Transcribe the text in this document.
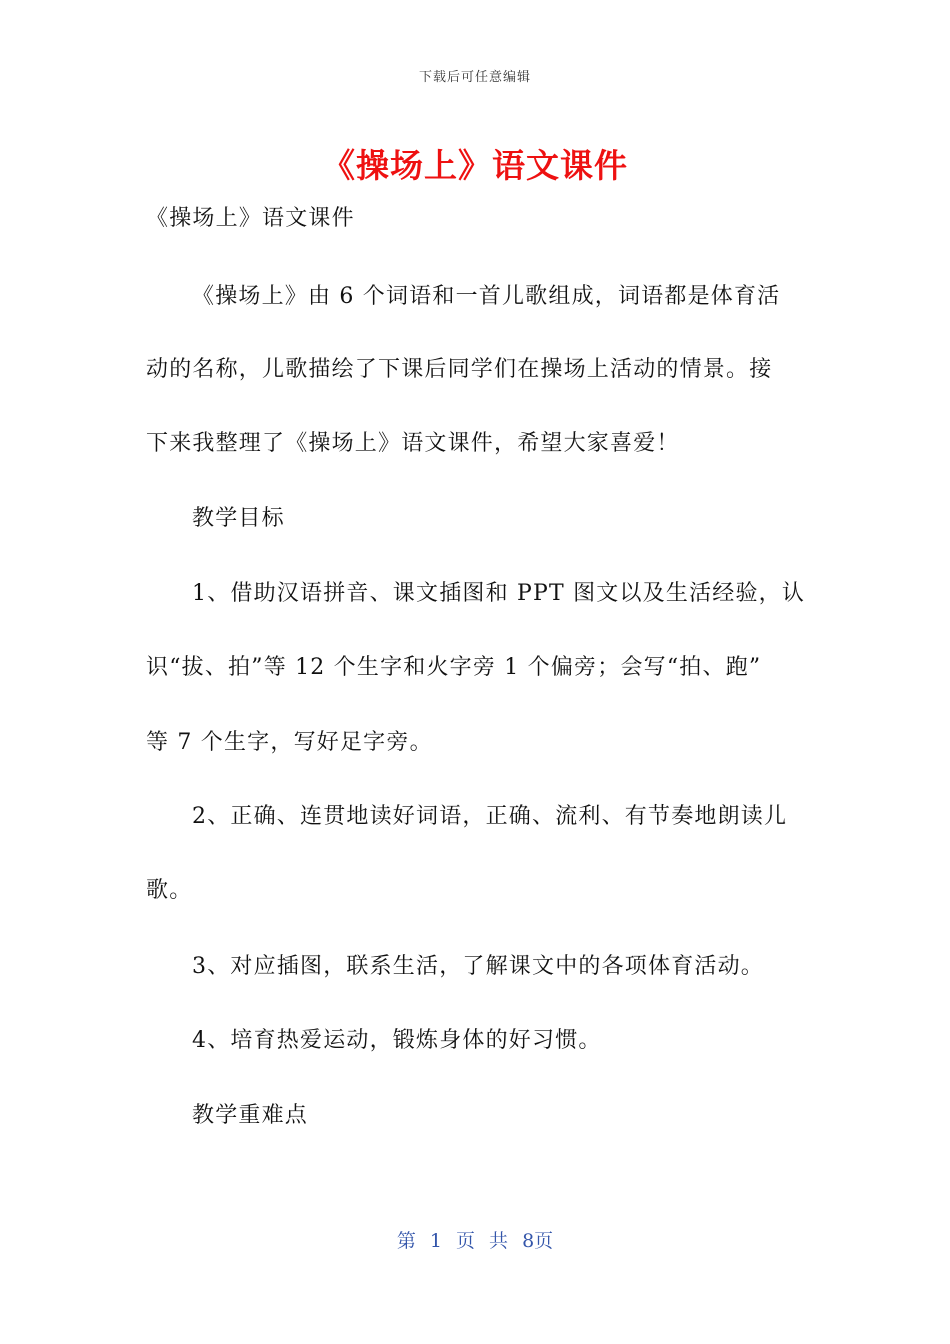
下载后可任意编辑
《操场上》语文课件
《操场上》语文课件
《操场上》由 6 个词语和一首儿歌组成，词语都是体育活
动的名称，儿歌描绘了下课后同学们在操场上活动的情景。接
下来我整理了《操场上》语文课件，希望大家喜爱！
教学目标
1、借助汉语拼音、课文插图和 PPT 图文以及生活经验，认
识“拔、拍”等 12 个生字和火字旁 1 个偏旁；会写“拍、跑”
等 7 个生字，写好足字旁。
2、正确、连贯地读好词语，正确、流利、有节奏地朗读儿
歌。
3、对应插图，联系生活，了解课文中的各项体育活动。
4、培育热爱运动，锻炼身体的好习惯。
教学重难点
第 1 页 共 8页
